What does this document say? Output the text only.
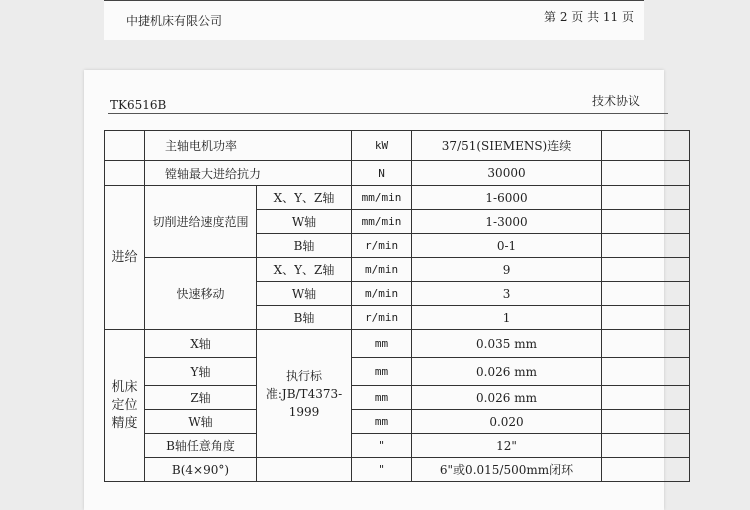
中捷机床有限公司	第 2 页 共 11 页
TK6516B	技术协议
	主轴电机功率		kW	37/51(SIEMENS)连续	
	镗轴最大进给抗力		N	30000	
进给	切削进给速度范围	X、Y、Z轴	mm/min	1-6000	
		W轴	mm/min	1-3000	
		B轴	r/min	0-1	
	快速移动	X、Y、Z轴	m/min	9	
		W轴	m/min	3	
		B轴	r/min	1	
机床定位精度	X轴	执行标准:JB/T4373-1999	mm	0.035 mm	
	Y轴		mm	0.026 mm	
	Z轴		mm	0.026 mm	
	W轴		mm	0.020	
	B轴任意角度		"	12"	
	B(4×90°)		"	6"或0.015/500mm闭环	
